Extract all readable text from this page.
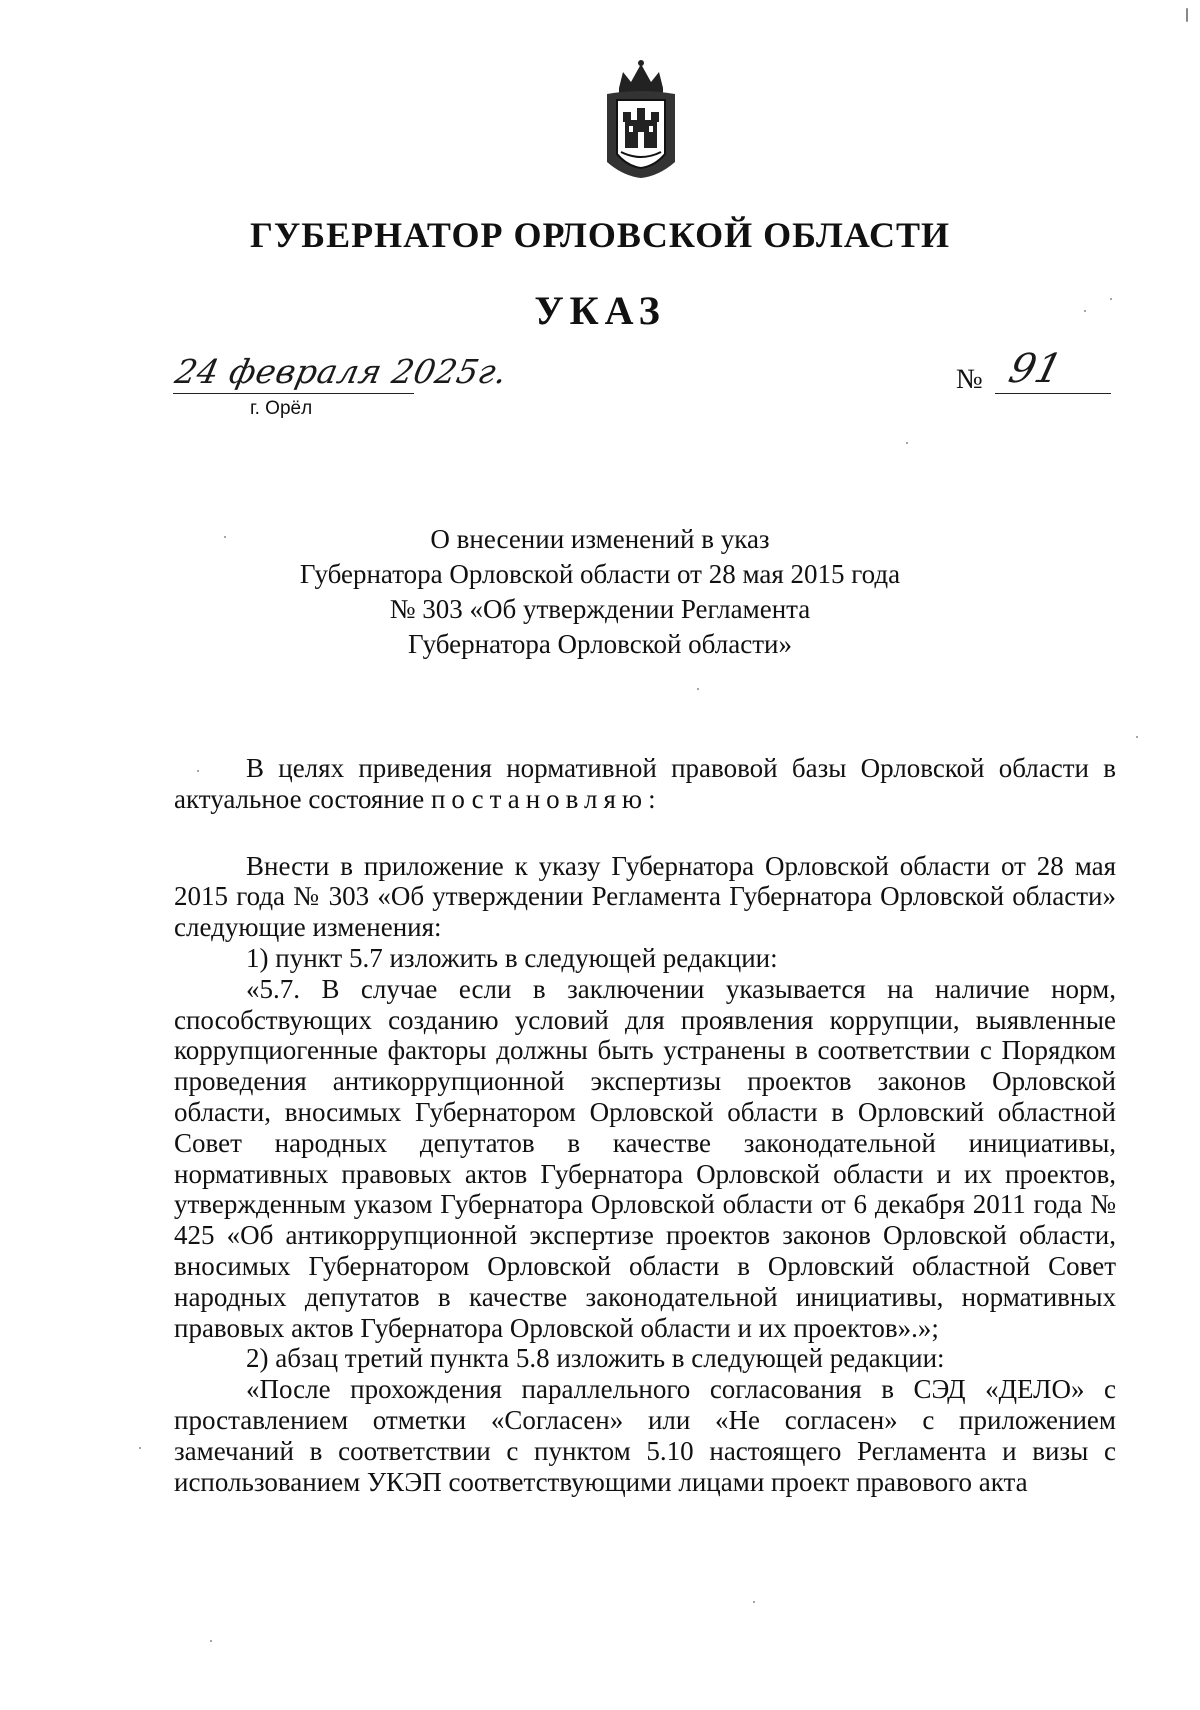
ГУБЕРНАТОР ОРЛОВСКОЙ ОБЛАСТИ
УКАЗ
24 февраля 2025г.
г. Орёл
№ 91
О внесении изменений в указ
Губернатора Орловской области от 28 мая 2015 года
№ 303 «Об утверждении Регламента
Губернатора Орловской области»

В целях приведения нормативной правовой базы Орловской области в актуальное состояние постановляю:

Внести в приложение к указу Губернатора Орловской области от 28 мая 2015 года № 303 «Об утверждении Регламента Губернатора Орловской области» следующие изменения:

1) пункт 5.7 изложить в следующей редакции:

«5.7. В случае если в заключении указывается на наличие норм, способствующих созданию условий для проявления коррупции, выявленные коррупциогенные факторы должны быть устранены в соответствии с Порядком проведения антикоррупционной экспертизы проектов законов Орловской области, вносимых Губернатором Орловской области в Орловский областной Совет народных депутатов в качестве законодательной инициативы, нормативных правовых актов Губернатора Орловской области и их проектов, утвержденным указом Губернатора Орловской области от 6 декабря 2011 года № 425 «Об антикоррупционной экспертизе проектов законов Орловской области, вносимых Губернатором Орловской области в Орловский областной Совет народных депутатов в качестве законодательной инициативы, нормативных правовых актов Губернатора Орловской области и их проектов».»;

2) абзац третий пункта 5.8 изложить в следующей редакции:

«После прохождения параллельного согласования в СЭД «ДЕЛО» с проставлением отметки «Согласен» или «Не согласен» с приложением замечаний в соответствии с пунктом 5.10 настоящего Регламента и визы с использованием УКЭП соответствующими лицами проект правового акта
